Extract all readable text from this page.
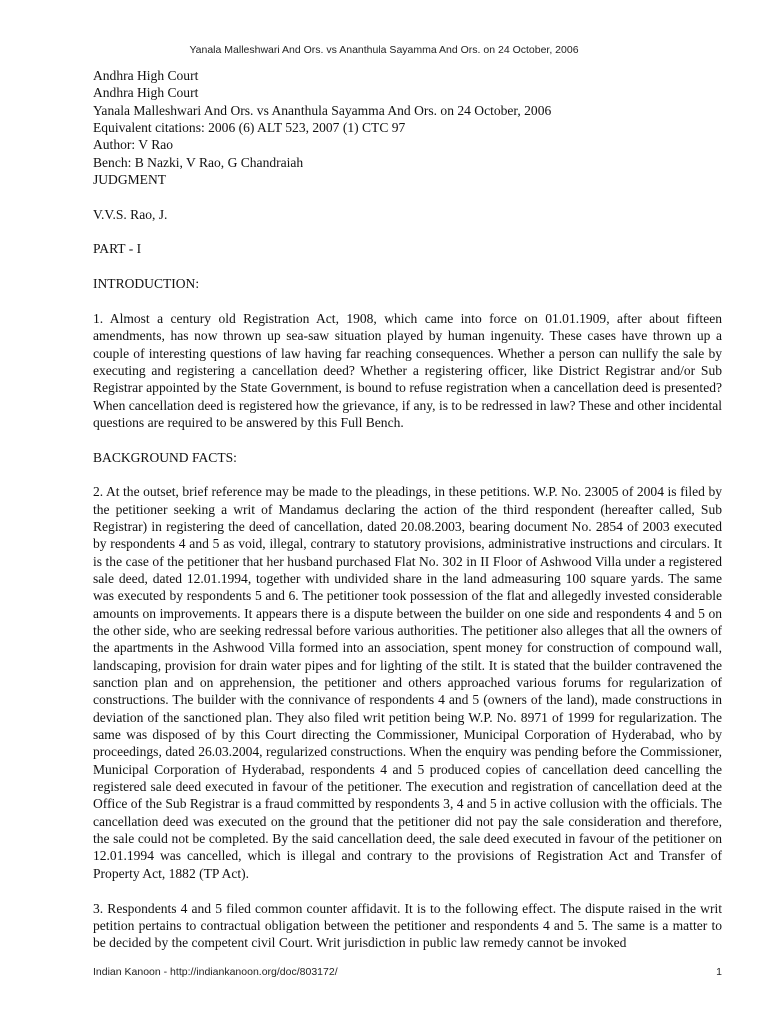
Yanala Malleshwari And Ors. vs Ananthula Sayamma And Ors. on 24 October, 2006
Andhra High Court
Andhra High Court
Yanala Malleshwari And Ors. vs Ananthula Sayamma And Ors. on 24 October, 2006
Equivalent citations: 2006 (6) ALT 523, 2007 (1) CTC 97
Author: V Rao
Bench: B Nazki, V Rao, G Chandraiah
JUDGMENT
V.V.S. Rao, J.
PART - I
INTRODUCTION:
1. Almost a century old Registration Act, 1908, which came into force on 01.01.1909, after about fifteen amendments, has now thrown up sea-saw situation played by human ingenuity. These cases have thrown up a couple of interesting questions of law having far reaching consequences. Whether a person can nullify the sale by executing and registering a cancellation deed? Whether a registering officer, like District Registrar and/or Sub Registrar appointed by the State Government, is bound to refuse registration when a cancellation deed is presented? When cancellation deed is registered how the grievance, if any, is to be redressed in law? These and other incidental questions are required to be answered by this Full Bench.
BACKGROUND FACTS:
2. At the outset, brief reference may be made to the pleadings, in these petitions. W.P. No. 23005 of 2004 is filed by the petitioner seeking a writ of Mandamus declaring the action of the third respondent (hereafter called, Sub Registrar) in registering the deed of cancellation, dated 20.08.2003, bearing document No. 2854 of 2003 executed by respondents 4 and 5 as void, illegal, contrary to statutory provisions, administrative instructions and circulars. It is the case of the petitioner that her husband purchased Flat No. 302 in II Floor of Ashwood Villa under a registered sale deed, dated 12.01.1994, together with undivided share in the land admeasuring 100 square yards. The same was executed by respondents 5 and 6. The petitioner took possession of the flat and allegedly invested considerable amounts on improvements. It appears there is a dispute between the builder on one side and respondents 4 and 5 on the other side, who are seeking redressal before various authorities. The petitioner also alleges that all the owners of the apartments in the Ashwood Villa formed into an association, spent money for construction of compound wall, landscaping, provision for drain water pipes and for lighting of the stilt. It is stated that the builder contravened the sanction plan and on apprehension, the petitioner and others approached various forums for regularization of constructions. The builder with the connivance of respondents 4 and 5 (owners of the land), made constructions in deviation of the sanctioned plan. They also filed writ petition being W.P. No. 8971 of 1999 for regularization. The same was disposed of by this Court directing the Commissioner, Municipal Corporation of Hyderabad, who by proceedings, dated 26.03.2004, regularized constructions. When the enquiry was pending before the Commissioner, Municipal Corporation of Hyderabad, respondents 4 and 5 produced copies of cancellation deed cancelling the registered sale deed executed in favour of the petitioner. The execution and registration of cancellation deed at the Office of the Sub Registrar is a fraud committed by respondents 3, 4 and 5 in active collusion with the officials. The cancellation deed was executed on the ground that the petitioner did not pay the sale consideration and therefore, the sale could not be completed. By the said cancellation deed, the sale deed executed in favour of the petitioner on 12.01.1994 was cancelled, which is illegal and contrary to the provisions of Registration Act and Transfer of Property Act, 1882 (TP Act).
3. Respondents 4 and 5 filed common counter affidavit. It is to the following effect. The dispute raised in the writ petition pertains to contractual obligation between the petitioner and respondents 4 and 5. The same is a matter to be decided by the competent civil Court. Writ jurisdiction in public law remedy cannot be invoked
Indian Kanoon - http://indiankanoon.org/doc/803172/	1
